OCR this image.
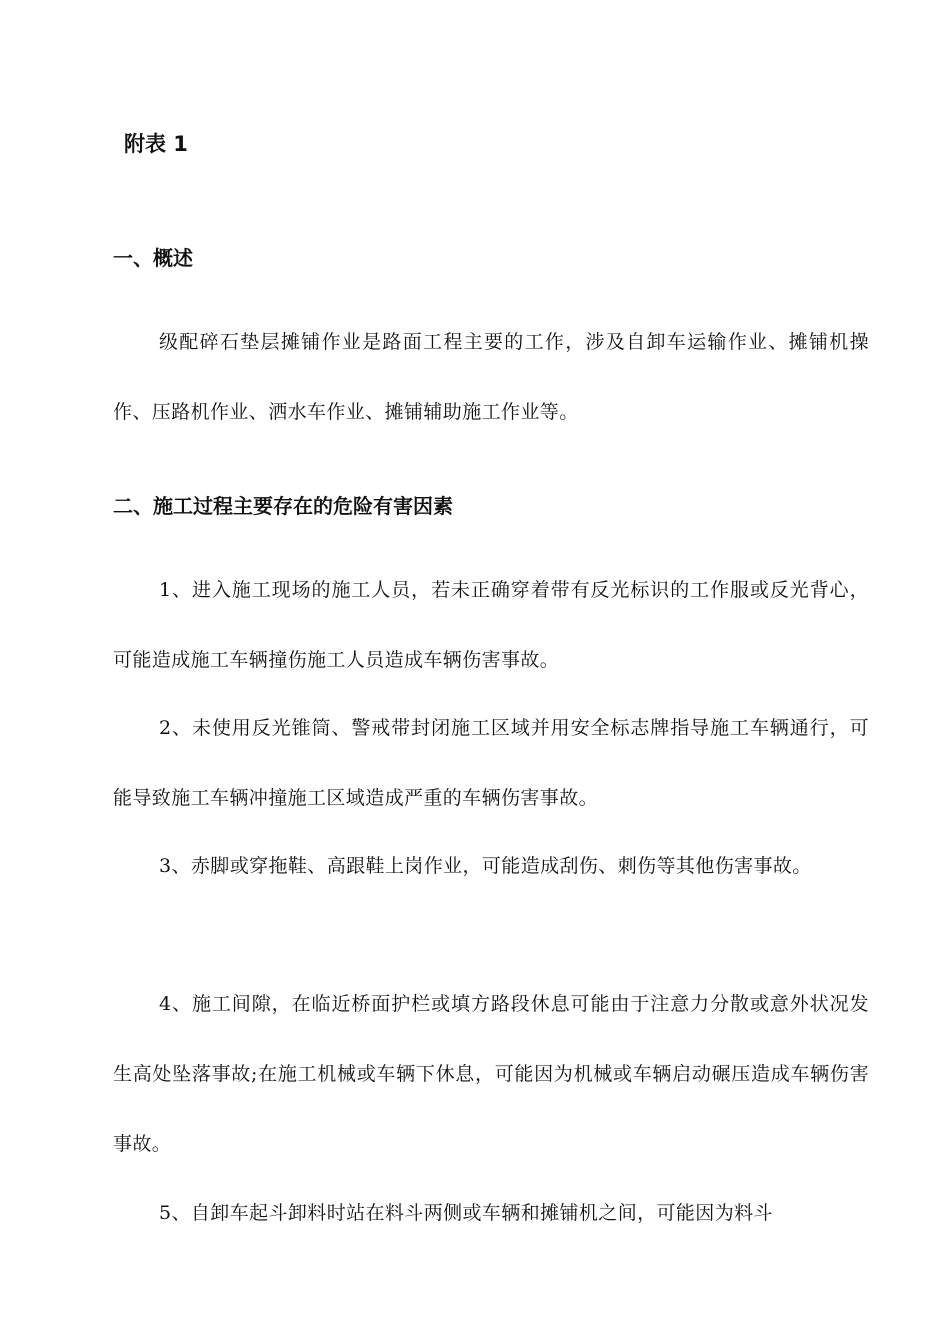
附表 1
一、概述
级配碎石垫层摊铺作业是路面工程主要的工作，涉及自卸车运输作业、摊铺机操作、压路机作业、洒水车作业、摊铺辅助施工作业等。
二、施工过程主要存在的危险有害因素
1、进入施工现场的施工人员，若未正确穿着带有反光标识的工作服或反光背心， 可能造成施工车辆撞伤施工人员造成车辆伤害事故。
2、未使用反光锥筒、警戒带封闭施工区域并用安全标志牌指导施工车辆通行，可能导致施工车辆冲撞施工区域造成严重的车辆伤害事故。
3、赤脚或穿拖鞋、高跟鞋上岗作业，可能造成刮伤、刺伤等其他伤害事故。
4、施工间隙，在临近桥面护栏或填方路段休息可能由于注意力分散或意外状况发生高处坠落事故;在施工机械或车辆下休息，可能因为机械或车辆启动碾压造成车辆伤害事故。
5、自卸车起斗卸料时站在料斗两侧或车辆和摊铺机之间，可能因为料斗
